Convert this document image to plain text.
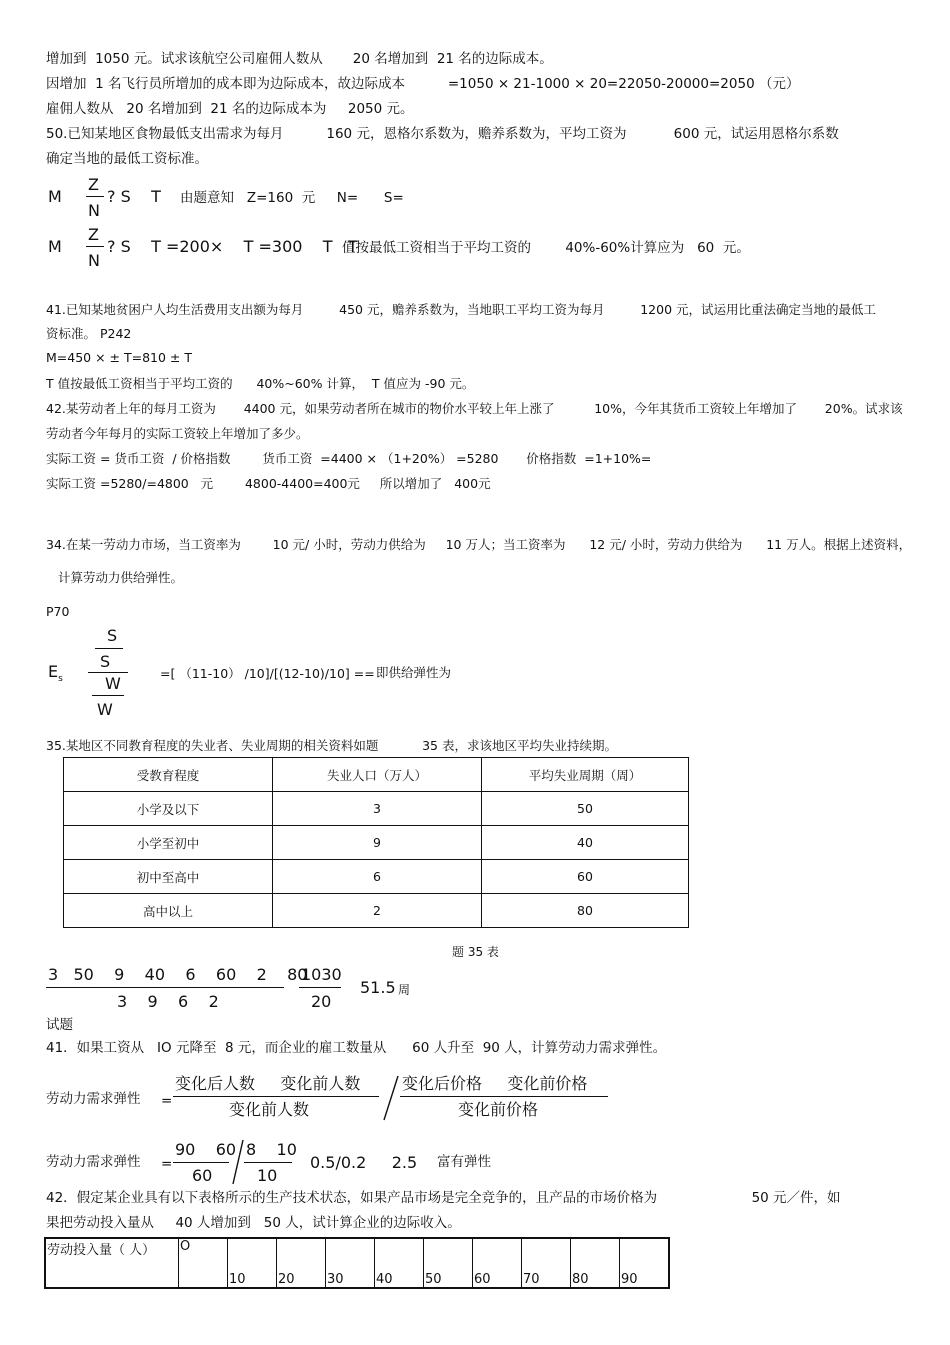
增加到  1050 元。试求该航空公司雇佣人数从       20 名增加到  21 名的边际成本。
因增加  1 名飞行员所增加的成本即为边际成本，故边际成本          =1050 × 21-1000 × 20=22050-20000=2050 （元）
雇佣人数从   20 名增加到  21 名的边际成本为     2050 元。
50.已知某地区食物最低支出需求为每月          160 元，恩格尔系数为，赡养系数为，平均工资为           600 元，试运用恩格尔系数
确定当地的最低工资标准。
M
Z
N
? S    T 由题意知   Z=160  元     N=      S=
M
Z
N
? S    T =200×    T =300    T   T
值按最低工资相当于平均工资的        40%-60%计算应为   60  元。
41.已知某地贫困户人均生活费用支出额为每月         450 元，赡养系数为，当地职工平均工资为每月         1200 元，试运用比重法确定当地的最低工
资标准。 P242
M=450 × ± T=810 ± T
T 值按最低工资相当于平均工资的      40%~60% 计算，  T 值应为 -90 元。
42.某劳动者上年的每月工资为       4400 元，如果劳动者所在城市的物价水平较上年上涨了          10%，今年其货币工资较上年增加了       20%。试求该
劳动者今年每月的实际工资较上年增加了多少。
实际工资 = 货币工资  / 价格指数        货币工资  =4400 × （1+20%） =5280       价格指数  =1+10%=
实际工资 =5280/=4800   元        4800-4400=400元     所以增加了   400元
34.在某一劳动力市场，当工资率为        10 元/ 小时，劳动力供给为     10 万人；当工资率为      12 元/ 小时，劳动力供给为      11 万人。根据上述资料，
计算劳动力供给弹性。
P70
S
S
$E_s$	W
W
=[ （11-10） /10]/[(12-10)/10] == 即供给弹性为
35.某地区不同教育程度的失业者、失业周期的相关资料如题           35 表，求该地区平均失业持续期。
受教育程度	失业人口（万人）	平均失业周期（周）
小学及以下	3	50
小学至初中	9	40
初中至高中	6	60
高中以上	2	80
题 35 表
3   50    9    40    6    60    2    80
3    9    6    2
1030
20
51.5 周
试题
41．如果工资从   IO 元降至  8 元，而企业的雇工数量从      60 人升至  90 人，计算劳动力需求弹性。
劳动力需求弹性 =
变化后人数     变化前人数
变化前人数
变化后价格     变化前价格
变化前价格
劳动力需求弹性 =
90    60
60
8    10
10
0.5/0.2     2.5 富有弹性
42．假定某企业具有以下表格所示的生产技术状态，如果产品市场是完全竞争的，且产品的市场价格为                      50 元／件，如
果把劳动投入量从     40 人增加到   50 人，试计算企业的边际收入。
劳动投入量（ 人）	O	10	20	30	40	50	60	70	80	90
